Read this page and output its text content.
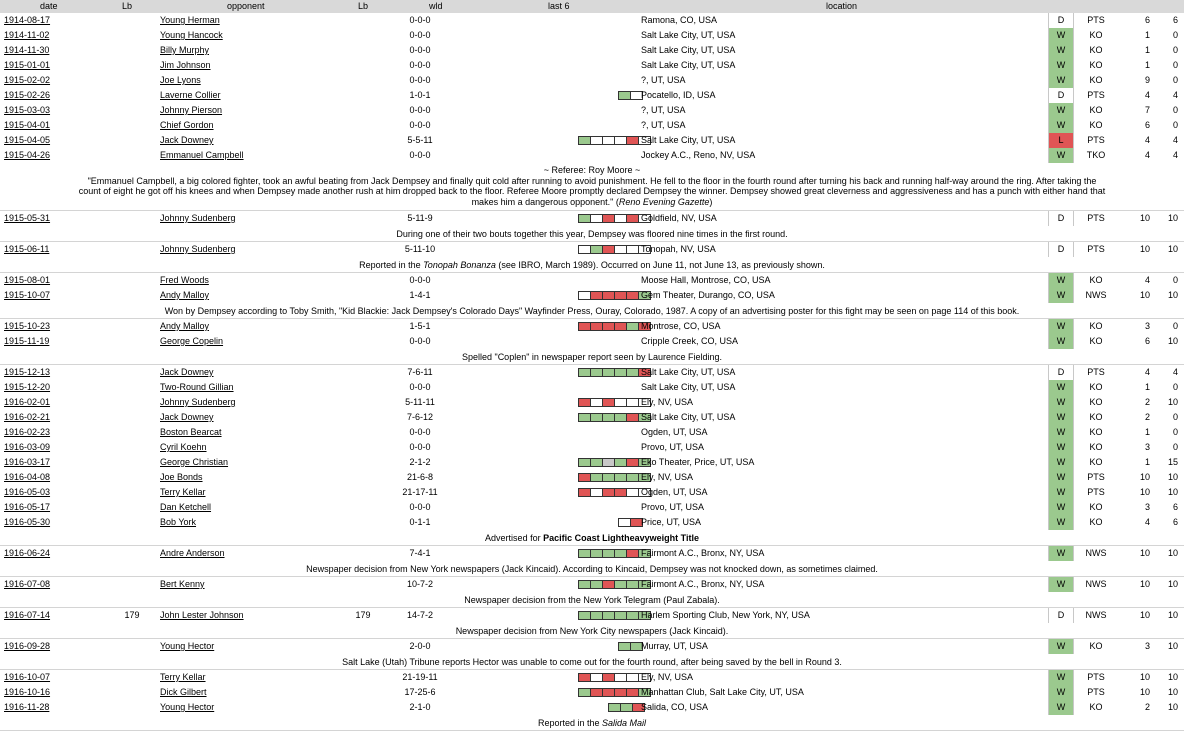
date	Lb	opponent	Lb	wld	last 6	location
1914-08-17	Young Herman	0-0-0	Ramona, CO, USA	D	PTS	6	6
1914-11-02	Young Hancock	0-0-0	Salt Lake City, UT, USA	W	KO	1	0
1914-11-30	Billy Murphy	0-0-0	Salt Lake City, UT, USA	W	KO	1	0
1915-01-01	Jim Johnson	0-0-0	Salt Lake City, UT, USA	W	KO	1	0
1915-02-02	Joe Lyons	0-0-0	?, UT, USA	W	KO	9	0
1915-02-26	Laverne Collier	1-0-1	Pocatello, ID, USA	D	PTS	4	4
1915-03-03	Johnny Pierson	0-0-0	?, UT, USA	W	KO	7	0
1915-04-01	Chief Gordon	0-0-0	?, UT, USA	W	KO	6	0
1915-04-05	Jack Downey	5-5-11	Salt Lake City, UT, USA	L	PTS	4	4
1915-04-26	Emmanuel Campbell	0-0-0	Jockey A.C., Reno, NV, USA	W	TKO	4	4
~ Referee: Roy Moore ~
"Emmanuel Campbell, a big colored fighter, took an awful beating from Jack Dempsey and finally quit cold after running to avoid punishment. He fell to the floor in the fourth round after turning his back and running half-way around the ring. After taking the
count of eight he got off his knees and when Dempsey made another rush at him dropped back to the floor. Referee Moore promptly declared Dempsey the winner. Dempsey showed great cleverness and aggressiveness and has a punch with either hand that
makes him a dangerous opponent." (Reno Evening Gazette)
1915-05-31	Johnny Sudenberg	5-11-9	Goldfield, NV, USA	D	PTS	10	10
During one of their two bouts together this year, Dempsey was floored nine times in the first round.
1915-06-11	Johnny Sudenberg	5-11-10	Tonopah, NV, USA	D	PTS	10	10
Reported in the Tonopah Bonanza (see IBRO, March 1989). Occurred on June 11, not June 13, as previously shown.
1915-08-01	Fred Woods	0-0-0	Moose Hall, Montrose, CO, USA	W	KO	4	0
1915-10-07	Andy Malloy	1-4-1	Gem Theater, Durango, CO, USA	W	NWS	10	10
Won by Dempsey according to Toby Smith, "Kid Blackie: Jack Dempsey's Colorado Days" Wayfinder Press, Ouray, Colorado, 1987. A copy of an advertising poster for this fight may be seen on page 114 of this book.
1915-10-23	Andy Malloy	1-5-1	Montrose, CO, USA	W	KO	3	0
1915-11-19	George Copelin	0-0-0	Cripple Creek, CO, USA	W	KO	6	10
Spelled "Coplen" in newspaper report seen by Laurence Fielding.
1915-12-13	Jack Downey	7-6-11	Salt Lake City, UT, USA	D	PTS	4	4
1915-12-20	Two-Round Gillian	0-0-0	Salt Lake City, UT, USA	W	KO	1	0
1916-02-01	Johnny Sudenberg	5-11-11	Ely, NV, USA	W	KO	2	10
1916-02-21	Jack Downey	7-6-12	Salt Lake City, UT, USA	W	KO	2	0
1916-02-23	Boston Bearcat	0-0-0	Ogden, UT, USA	W	KO	1	0
1916-03-09	Cyril Koehn	0-0-0	Provo, UT, USA	W	KO	3	0
1916-03-17	George Christian	2-1-2	Eko Theater, Price, UT, USA	W	KO	1	15
1916-04-08	Joe Bonds	21-6-8	Ely, NV, USA	W	PTS	10	10
1916-05-03	Terry Kellar	21-17-11	Ogden, UT, USA	W	PTS	10	10
1916-05-17	Dan Ketchell	0-0-0	Provo, UT, USA	W	KO	3	6
1916-05-30	Bob York	0-1-1	Price, UT, USA	W	KO	4	6
Advertised for Pacific Coast Lightheavyweight Title
1916-06-24	Andre Anderson	7-4-1	Fairmont A.C., Bronx, NY, USA	W	NWS	10	10
Newspaper decision from New York newspapers (Jack Kincaid). According to Kincaid, Dempsey was not knocked down, as sometimes claimed.
1916-07-08	Bert Kenny	10-7-2	Fairmont A.C., Bronx, NY, USA	W	NWS	10	10
Newspaper decision from the New York Telegram (Paul Zabala).
1916-07-14	179	John Lester Johnson	179	14-7-2	Harlem Sporting Club, New York, NY, USA	D	NWS	10	10
Newspaper decision from New York City newspapers (Jack Kincaid).
1916-09-28	Young Hector	2-0-0	Murray, UT, USA	W	KO	3	10
Salt Lake (Utah) Tribune reports Hector was unable to come out for the fourth round, after being saved by the bell in Round 3.
1916-10-07	Terry Kellar	21-19-11	Ely, NV, USA	W	PTS	10	10
1916-10-16	Dick Gilbert	17-25-6	Manhattan Club, Salt Lake City, UT, USA	W	PTS	10	10
1916-11-28	Young Hector	2-1-0	Salida, CO, USA	W	KO	2	10
Reported in the Salida Mail
